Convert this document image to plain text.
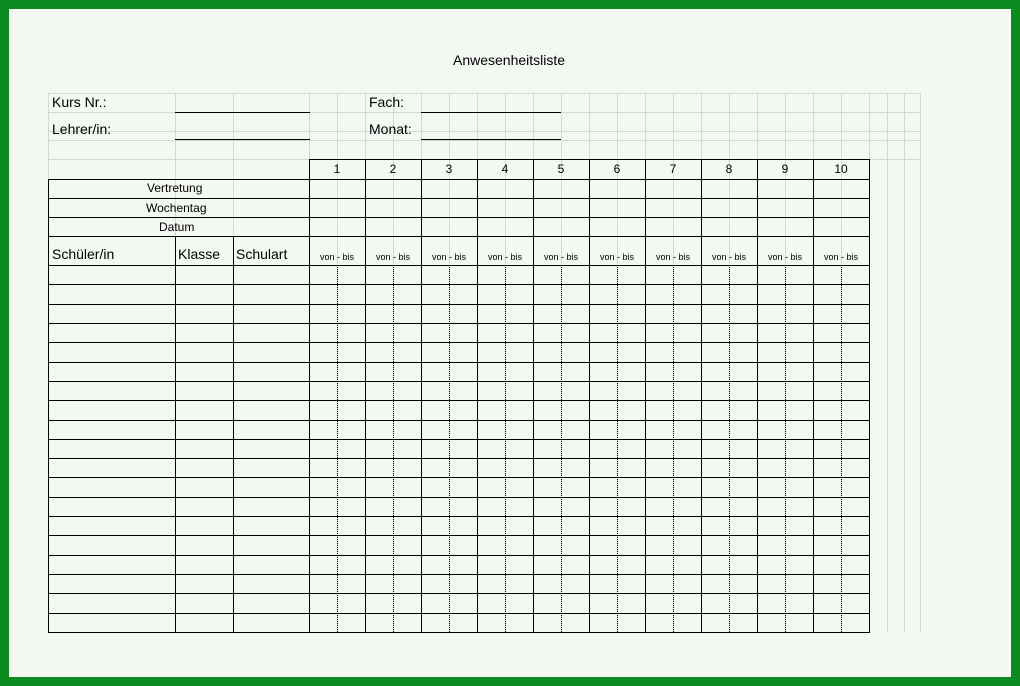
Anwesenheitsliste
1
von - bis
2
von - bis
3
von - bis
4
von - bis
5
von - bis
6
von - bis
7
von - bis
8
von - bis
9
von - bis
10
von - bis
Kurs Nr.:
Lehrer/in:
Fach:
Monat:
Vertretung
Wochentag
Datum
Schüler/in	Klasse Schulart
